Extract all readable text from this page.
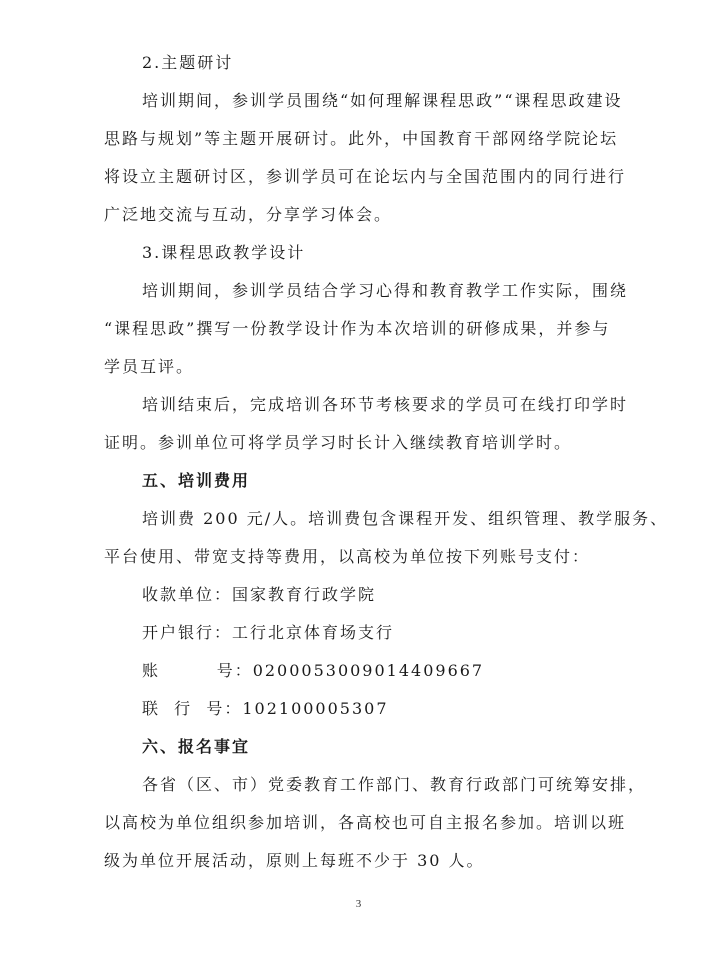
2.主题研讨
培训期间，参训学员围绕“如何理解课程思政”“课程思政建设
思路与规划”等主题开展研讨。此外，中国教育干部网络学院论坛
将设立主题研讨区，参训学员可在论坛内与全国范围内的同行进行
广泛地交流与互动，分享学习体会。
3.课程思政教学设计
培训期间，参训学员结合学习心得和教育教学工作实际，围绕
“课程思政”撰写一份教学设计作为本次培训的研修成果，并参与
学员互评。
培训结束后，完成培训各环节考核要求的学员可在线打印学时
证明。参训单位可将学员学习时长计入继续教育培训学时。
五、培训费用
培训费 200 元/人。培训费包含课程开发、组织管理、教学服务、
平台使用、带宽支持等费用，以高校为单位按下列账号支付：
收款单位：国家教育行政学院
开户银行：工行北京体育场支行
账        号：0200053009014409667
联  行  号：102100005307
六、报名事宜
各省（区、市）党委教育工作部门、教育行政部门可统筹安排，
以高校为单位组织参加培训，各高校也可自主报名参加。培训以班
级为单位开展活动，原则上每班不少于 30 人。
3
